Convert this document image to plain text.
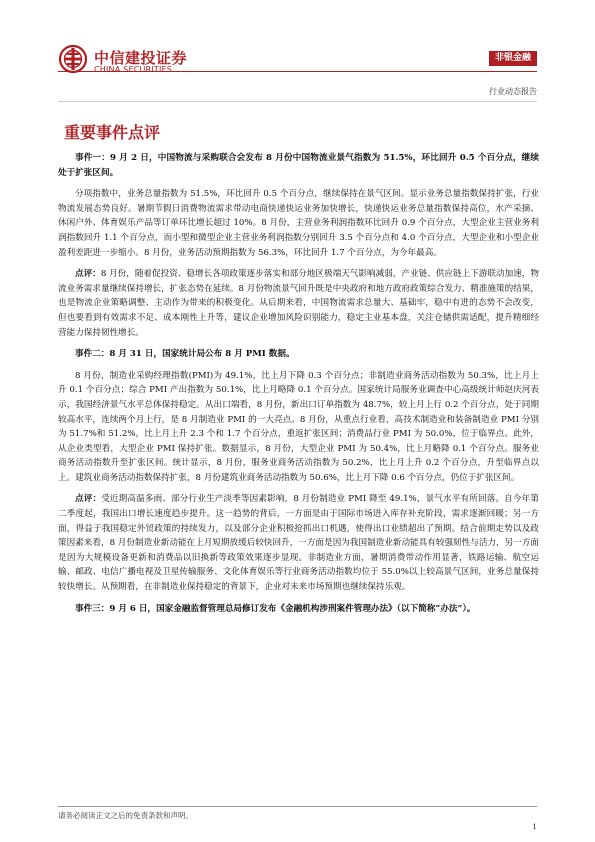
中信建投证券
CHINA SECURITIES
非银金融
行业动态报告
重要事件点评

事件一：9 月 2 日，中国物流与采购联合会发布 8 月份中国物流业景气指数为 51.5%，环比回升 0.5 个百分点，继续处于扩张区间。

分项指数中，业务总量指数为 51.5%，环比回升 0.5 个百分点，继续保持在景气区间。显示业务总量指数保持扩张，行业物流发展态势良好。暑期节假日消费物流需求带动电商快递快运业务加快增长，快递快运业务总量指数保持高位，水产采摘、休闲户外、体育娱乐产品等订单环比增长超过 10%。8 月份，主营业务利润指数环比回升 0.9 个百分点，大型企业主营业务利润指数回升 1.1 个百分点，而小型和微型企业主营业务利润指数分别回升 3.5 个百分点和 4.0 个百分点，大型企业和小型企业盈利差距进一步缩小。8 月份，业务活动预期指数为 56.3%，环比回升 1.7 个百分点，为今年最高。

点评：8 月份，随着促投资、稳增长各项政策逐步落实和部分地区极端天气影响减弱，产业链、供应链上下游联动加速，物流业务需求量继续保持增长，扩张态势在延续。8 月份物流景气回升既是中央政府和地方政府政策综合发力、精准施策的结果，也是物流企业策略调整、主动作为带来的积极变化。从后期来看，中国物流需求总量大、基础牢，稳中有进的态势不会改变，但也要看到有效需求不足、成本刚性上升等，建议企业增加风险识别能力，稳定主业基本盘，关注仓储供需适配，提升精细经营能力保持韧性增长。

事件二：8 月 31 日，国家统计局公布 8 月 PMI 数据。

8 月份，制造业采购经理指数(PMI)为 49.1%，比上月下降 0.3 个百分点；非制造业商务活动指数为 50.3%，比上月上升 0.1 个百分点；综合 PMI 产出指数为 50.1%，比上月略降 0.1 个百分点。国家统计局服务业调查中心高级统计师赵庆河表示，我国经济景气水平总体保持稳定。从出口端看，8 月份，新出口订单指数为 48.7%，较上月上行 0.2 个百分点，处于同期较高水平，连续两个月上行，是 8 月制造业 PMI 的一大亮点。8 月份，从重点行业看，高技术制造业和装备制造业 PMI 分别为 51.7%和 51.2%，比上月上升 2.3 个和 1.7 个百分点，重返扩张区间；消费品行业 PMI 为 50.0%，位于临界点。此外，从企业类型看，大型企业 PMI 保持扩张。数据显示，8 月份，大型企业 PMI 为 50.4%，比上月略降 0.1 个百分点。服务业商务活动指数升至扩张区间。统计显示，8 月份，服务业商务活动指数为 50.2%，比上月上升 0.2 个百分点，升至临界点以上。建筑业商务活动指数保持扩张，8 月份建筑业商务活动指数为 50.6%，比上月下降 0.6 个百分点，仍位于扩张区间。

点评：受近期高温多雨、部分行业生产淡季等因素影响，8 月份制造业 PMI 降至 49.1%，景气水平有所回落。自今年第二季度起，我国出口增长速度趋步提升。这一趋势的背后，一方面是由于国际市场进入库存补充阶段，需求逐渐回暖；另一方面，得益于我国稳定外贸政策的持续发力，以及部分企业积极抢抓出口机遇，使得出口业绩超出了预期。结合前期走势以及政策因素来看，8 月份制造业新动能在上月短期放缓后较快回升，一方面是因为我国制造业新动能具有较强韧性与活力，另一方面是因为大规模设备更新和消费品以旧换新等政策效果逐步显现。非制造业方面，暑期消费带动作用显著，铁路运输、航空运输、邮政、电信广播电视及卫星传输服务、文化体育娱乐等行业商务活动指数均位于 55.0%以上较高景气区间，业务总量保持较快增长。从预期看，在非制造业保持稳定的背景下，企业对未来市场预期也继续保持乐观。

事件三：9 月 6 日，国家金融监督管理总局修订发布《金融机构涉刑案件管理办法》（以下简称“办法”）。

请务必阅读正文之后的免责条款和声明。
1
